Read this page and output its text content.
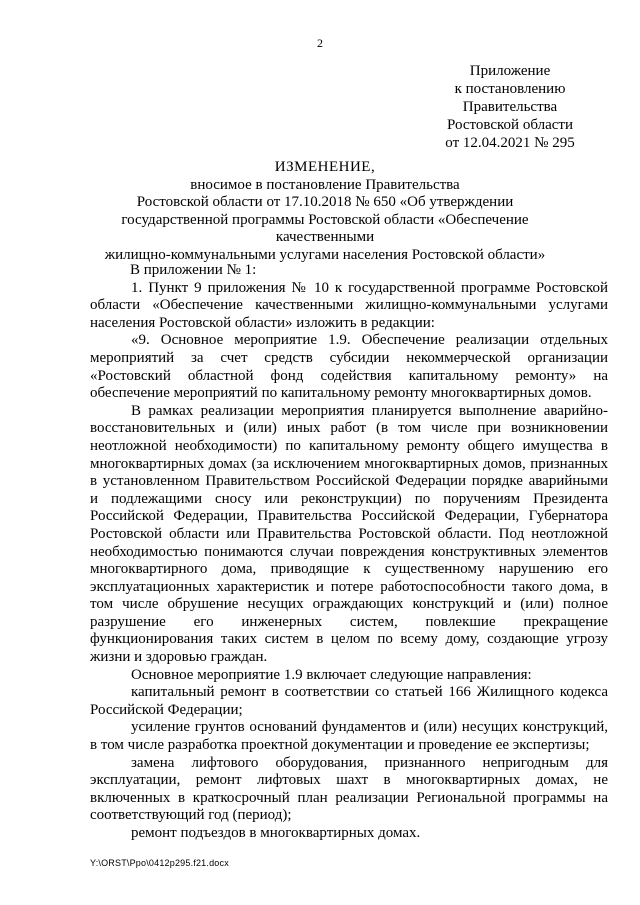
2
Приложение
к постановлению
Правительства
Ростовской области
от 12.04.2021 № 295
ИЗМЕНЕНИЕ,
вносимое в постановление Правительства
Ростовской области от 17.10.2018 № 650 «Об утверждении
государственной программы Ростовской области «Обеспечение качественными
жилищно-коммунальными услугами населения Ростовской области»

В приложении № 1:

1. Пункт 9 приложения № 10 к государственной программе Ростовской области «Обеспечение качественными жилищно-коммунальными услугами населения Ростовской области» изложить в редакции:

«9. Основное мероприятие 1.9. Обеспечение реализации отдельных мероприятий за счет средств субсидии некоммерческой организации «Ростовский областной фонд содействия капитальному ремонту» на обеспечение мероприятий по капитальному ремонту многоквартирных домов.

В рамках реализации мероприятия планируется выполнение аварийно-восстановительных и (или) иных работ (в том числе при возникновении неотложной необходимости) по капитальному ремонту общего имущества в многоквартирных домах (за исключением многоквартирных домов, признанных в установленном Правительством Российской Федерации порядке аварийными и подлежащими сносу или реконструкции) по поручениям Президента Российской Федерации, Правительства Российской Федерации, Губернатора Ростовской области или Правительства Ростовской области. Под неотложной необходимостью понимаются случаи повреждения конструктивных элементов многоквартирного дома, приводящие к существенному нарушению его эксплуатационных характеристик и потере работоспособности такого дома, в том числе обрушение несущих ограждающих конструкций и (или) полное разрушение его инженерных систем, повлекшие прекращение функционирования таких систем в целом по всему дому, создающие угрозу жизни и здоровью граждан.

Основное мероприятие 1.9 включает следующие направления:

капитальный ремонт в соответствии со статьей 166 Жилищного кодекса Российской Федерации;

усиление грунтов оснований фундаментов и (или) несущих конструкций, в том числе разработка проектной документации и проведение ее экспертизы;

замена лифтового оборудования, признанного непригодным для эксплуатации, ремонт лифтовых шахт в многоквартирных домах, не включенных в краткосрочный план реализации Региональной программы на соответствующий год (период);

ремонт подъездов в многоквартирных домах.

Y:\ORST\Ppo\0412p295.f21.docx
